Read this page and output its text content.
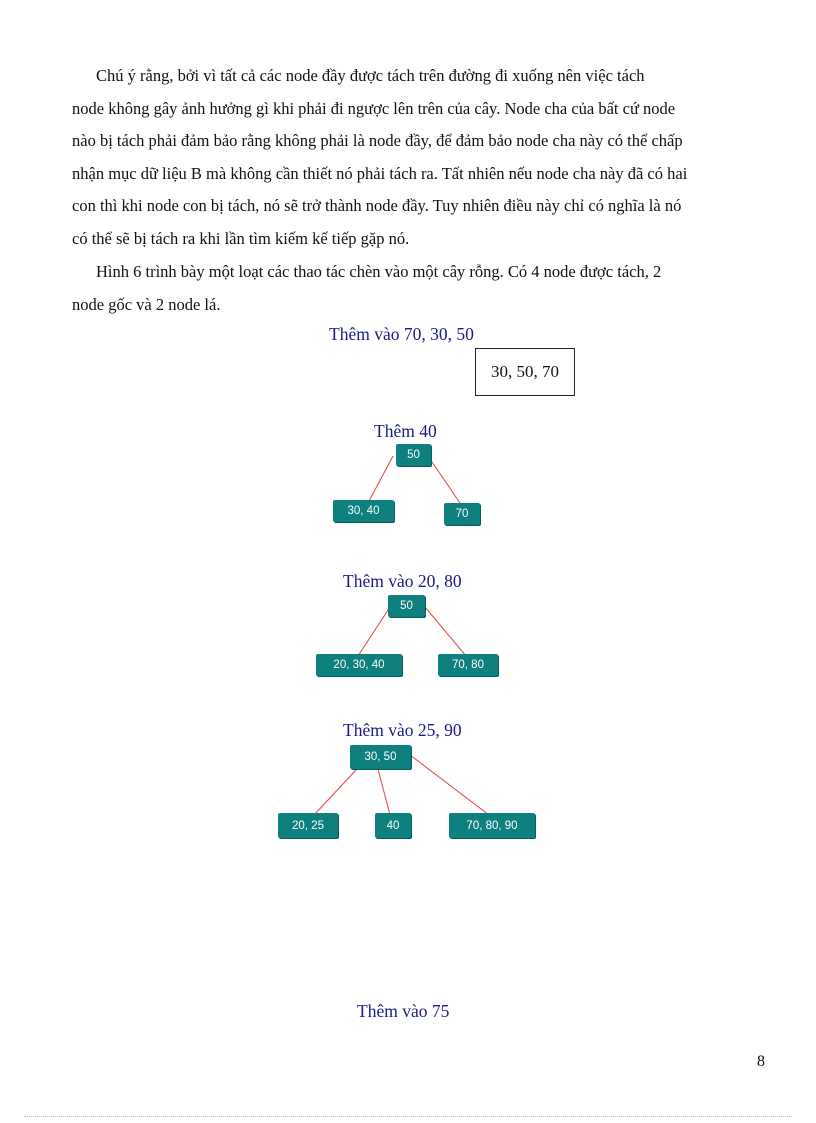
Chú ý rằng, bởi vì tất cả các node đầy được tách trên đường đi xuống nên việc tách
node không gây ảnh hưởng gì khi phải đi ngược lên trên của cây. Node cha của bất cứ node
nào bị tách phải đảm bảo rằng không phải là node đầy, để đảm bảo node cha này có thể chấp
nhận mục dữ liệu B mà không cần thiết nó phải tách ra. Tất nhiên nếu node cha này đã có hai
con thì khi node con bị tách, nó sẽ trở thành node đầy. Tuy nhiên điều này chỉ có nghĩa là nó
có thể sẽ bị tách ra khi lần tìm kiếm kế tiếp gặp nó.
Hình 6 trình bày một loạt các thao tác chèn vào một cây rỗng. Có 4 node được tách, 2
node gốc và 2 node lá.
Thêm vào 70, 30, 50
30, 50, 70
Thêm 40
50
30, 40	70
Thêm vào 20, 80
50
20, 30, 40	70, 80
Thêm vào 25, 90
30, 50
20, 25	40	70, 80, 90
Thêm vào 75
8
